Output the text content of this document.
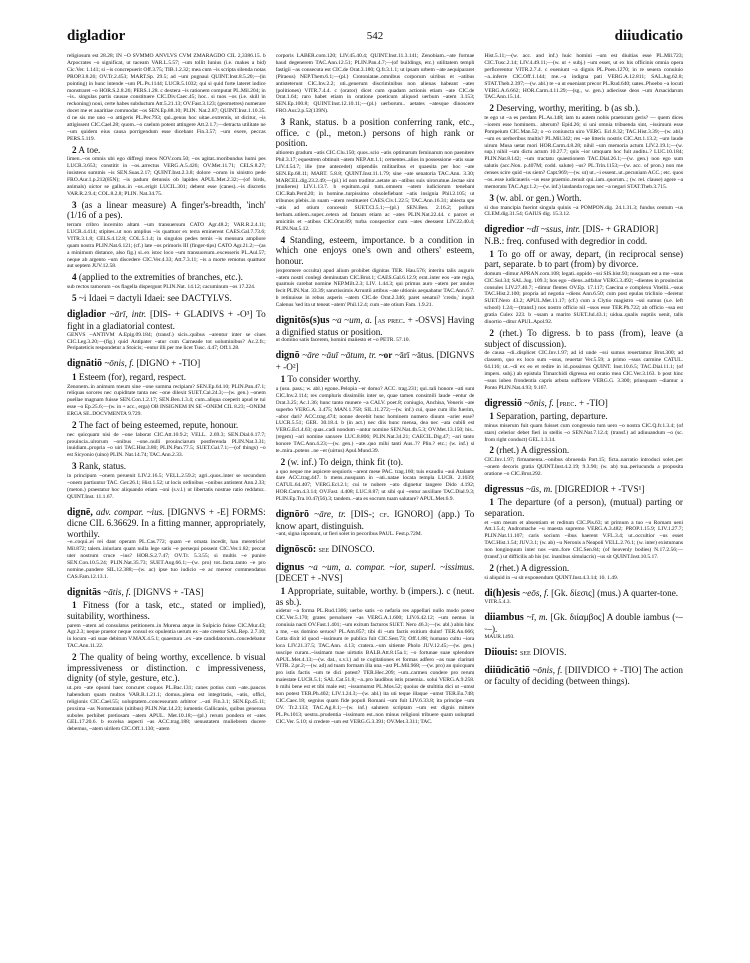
digladior	542	diiudicatio

religiosum est 28.28; IN ~O SVMMO ANVLVS CVM ZMARAGDO CIL 2,3386.15. b Arpocrates ~o significat, ut taceam VAR.L.5.57; ~um tollit Iunius (i.e. makes a bid) Cic.Ver. 1.141; si ~is concrepuerit Off.3.75; TIB.1.2.32; mea cum ~is scripta silenda notas PROP.3.8.26; OV.Tr.2.453; MART.Sp. 29.5; ad ~um pugnaui QUINT.Inst.8.5.20;—(in pointing) in hunc intende ~um PL.Ps.1144; LUCR.5.1032; qui si quid forte lateret indice monstraret ~o HOR.S.2.8.26; PERS.1.28. c dextera ~is rationem computat PL.Mil.204; in ~is.. singulas partis causae constituere CIC.Div.Caec.45; hoc.. si tuos ~os (i.e. skill in reckoning) noui, certe habes subductum Att.5.21.13; OV.Fast.3.123; (geometres) numerare docet me et auaritiae commodat ~os SEN.Ep.88.10; PLIN. Nat.2.87; QUINT.Inst.1.10.35. d ne sis me uno ~o attigeris PL.Per.793; qui..genus hoc uitae..extremis, ut dicitur, ~is attigissent CIC.Cael.28; quom..~o caelum potent attingere Att.2.1.7;—detracta utilitate ne ~um quidem eius causa porrigendum esse dicebant Fin.3.57; ~um exere, peccas PERS.5.119.

2 A toe.

limen..~os omnis ubi ego diffregi meos NOV.com.50; ~os agitat..moribundus humi pes LUCR.3.653; constitit in ~os..arrectus VERG.A.5.426; OV.Met.11.71; CELS.8.27; insistens summis ~is SEN.Suas.2.17; QUINT.Inst.2.3.8; dolore ~orum in sinistro pede FRO.Aur.1.p.212(85N); ~is padum detunsis ob lapides APUL.Met.2.32;—(of birds, animals) uictor se gallus..in ~os..erigit LUCIL.301; debent esse (canes)..~is discretis VAR.R.2.9.4; COL.8.2.8; PLIN. Nat.34.75.

3 (as a linear measure) A finger's-breadth, 'inch' (1/16 of a pes).

terram cribro incernito altam ~um transuersum CATO Agr.48.2; VAR.R.2.4.11; LUCR.4.414; stipites..ut non amplius ~is quattuor ex terra eminerent CAES.Gal.7.73.6; VITR.3.1.8; CELS.4.12.8; COL.5.1.4; in singulos pedes ternis ~is mensura ampliore quam nostra PLIN.Nat.6.121; (cf.) late ~os primoris III (finger-tips) CATO Agr.21.2;—(as a minimum distance, also fig.) si..ex istoc loco ~um transuorsum..excesseris PL.Aul.57; neque ab argento ~um discedere CIC.Ver.4.33; Att.7.3.11; ~is a morte remotus quattuor aut septem JUV.12.58.

4 (applied to the extremities of branches, etc.).

sub rectos ramorum ~os flagella dispergunt PLIN.Nat. 14.12; cacuminum ~os 17.224.

5 ~i Idaei = dactyli Idaei: see DACTYLVS.
digladior ~ārī, intr. [DIS- + GLADIVS + -O³] To fight in a gladiatorial contest.

GENVS ~ANTIVM A.Epig.09.184; (transf.) sicis..quibus ~arentur inter se ciues CIC.Leg.3.20;—(fig.) quid Antipater ~atur cum Carneade tot uoluminibus? Ac.2.fr.; Peripateticis respondetur a Stoicis; ~entur illi per me licet Tusc. 4.47; Off.1.28.

dignātiō ~ōnis, f. [DIGNO + -TIO]
1 Esteem (for), regard, respect.

Zenonem..in animum meum sine ~one summa recipiam? SEN.Ep.64.10; PLIN.Pan.47.1; reliquas sorores nec cupiditate tanta nec ~one dilexit SUET.Cal.24.3;—(w. gen.) ~onem puellae magnam fuisse SEN.Con.1.2.17; SEN.Ben.1.3.4; cum..aliqua coeperit apud te tui esse ~o Ep.25.6;—(w. in + acc., erga) OB INSIGNEM IN SE ~ONEM CIL 8.23; ~ONEM ERGA SE..DOCVMENTA 9.729.

2 The fact of being esteemed, repute, honour.

nec quicquam nisi de ~one laborat CIC.Att.10.9.2; VELL. 2.69.3; SEN.Dial.6.17.7; prouincia..ulrorum ~onibus ~one..nulli prouinciarum postferenda PLIN.Nat.3.31; inuidiam..propria ~o uiri TAC.Hist.3.80; PLIN.Pan.77.5; SUET.Gal.7.1;—(of things) ~o est Sicyonio (uino) PLIN. Nat.14.74; TAC.Ann.2.33.

3 Rank, status.

in principum ~onem peruenit LIV.2.16.5; VELL.2.59.2; agri..quos..inter se secundum ~onem partiuntur TAC. Ger.26.1; Hist.1.52; ut locis ordinibus ~onibus antistent Ann.2.33; (meton.) praestatur hoc aliquando etiam ~oni (s.v.l.) ut libertatis nostrae ratio reddatur.. QUINT.Inst. 11.1.67.

dignē, adv. compar. ~ius. [DIGNVS + -E] FORMS: dicne CIL 6.36629. In a fitting manner, appropriately, worthily.

~e..coqui..ei rei dant operam PL.Cas.772; quam ~e ornata incedit, hau meretricie! Mil.872; talem..iniuriam quam nulla lege satis ~e persequi possent CIC.Ver.1.82; peccat uter nostrum cruce ~ius? HOR.S.2.7.47; OV.Tr. 5.3.55; si multis ~e punire SEN.Con.10.5.24; PLIN.Nat.35.73; SUET.Aug.66.1;—(w. pro) tot..facta..tanto ~e pro nomine..pandere SIL.12.388;—(w. ac) ipse tuo iudicio ~e ac mereor commendatus CAS.Fam.12.13.1.

dignitās ~ātis, f. [DIGNVS + -TAS]
1 Fitness (for a task, etc., stated or implied), suitability, worthiness.

parem ~atem ad consulatus petitionem..in Murena atque in Sulpicio fuisse CIC.Mur.43; Agr.2.3; neque praetor neque consul ex opulentia uerum ex ~ate creetur SAL.Rep. 2.7.10; in locum ~ati suae debitum V.MAX.4.5.1; quaestura ..ex ~ate candidatorum..concedebatur TAC.Ann.11.22.

2 The quality of being worthy, excellence. b visual impressiveness or distinction. c impressiveness, dignity (of style, gesture, etc.).

ut..pro ~ate opsoni haec concuret coquos PL.Bac.131; canes potius cum ~ate..paucos habendum quam multos VAR.R.1.21.1; domus..plena est integritatis, ~atis, offici, religionis CIC.Cael.55; uoluptatem..concessuram arbitror ..~ati Fin.3.1; SEN.Ep.45.11; proxima ~as Nomentanis (uitibus) PLIN.Nat.14.23; iumentis Gallicanis, quibus generosa suboles perhibet pretiosam ~atem APUL. Met.10.18;—(pl.) rerum pondera et ~ates GEL.17.20.6. b excelsa aspecti ~as ACC.trag.188; uenustatem muliebrem ducere debemus, ~atem uirilem CIC.Off.1.130; ~atem

corporis LABER.com.120; LIV.45.40.4; QUINT.Inst.11.3.141; Zenobiam..~ate formae haud degenerem TAC.Ann.12.51; PLIN.Pan.4.7;—(of buildings, etc.) utilitatem templi fastigii ~as consecuta est CIC.de Orat.3.180; Q.fr.3.1.1; ut ipsam urbem ~ate aequipararet (Piraeus) NEP.Them.6.1;—(pl.) Crotoniatae..omnibus corporum uiribus et ~atibus antisteterunt CIC.Inv.2.2; uti..generum discriminibus non alienas habeant ~ates (politiones) VITR.7.4.4. c (orator) dicet cum quadam actionis etiam ~ate CIC.de Orat.1.64; raro habet etiam in oratione poeticum aliquod uerbum ~atem 3.153; SEN.Ep.100.8; QUINT.Inst.12.10.11;—(pl.) uerborum.. aetates ~atesque dinoscere FRO.Aur.2.p.52(139N).

3 Rank, status. b a position conferring rank, etc., office. c (pl., meton.) persons of high rank or position.

altiorem gradum ~atis CIC.Clu.150; quos..scio ~atis optimarum feminarum non paenitere Phil.3.17; equestrem obtinuit ~atem NEP.Att.1.1; cernentes..alios in possessione ~atis suae LIV.4.54.7; ille (me antecedet) stipendiis militaribus et quaesita per hoc ~ate SEN.Ep.68.11; MART. 5.8.8; QUINT.Inst.11.1.79; sine ~ate senatoria TAC.Ann. 3.30; MARCEL.dig.23.2.49;—(pl.) id non traditur..aetate an ~atibus suis uirorumue..lectae sint (mulieres) LIV.1.13.7. b equitum..qui tum..omnem ~atem iudiciorum tenebant CIC.Rab.Perd.20; in homine..turpissimo obsolefiebant ~atis insignia Phil.2.105; ut tribunos plebis..in suam ~atem restitueret CAES.Civ.1.22.5; TAC.Ann.16.31; abiecta spe ~atis ad otium concessit SUET.Cl.5.1;—(pl.) SEN.Ben. 2.16.2; pollum herbam..utilem..super..cetera ad famam etiam ac ~ates PLIN.Nat.22.44. c parcet et amicitiis et ~atibus CIC.Orat.89; turba conspectior cum ~ates deessent LIV.22.40.4; PLIN.Nat.5.12.

4 Standing, esteem, importance. b a condition in which one enjoys one's own and others' esteem, honour.

(expromere occulta) apud alium prohibet dignitas TER. Hau.576; interitu talis auguris ~atem nostri conlegi deminutam CIC.Brut.1; CAES.Gal.6.12.9; erat..inter eos ~ate regia, quamuis carebat nomine NEP.Milt.2.3; LIV. 1.44.3; qui primus auro ~atem per anulos fecit PLIN.Nat. 33.39; sanctissimis Arruntii artibus ~ate ultionis aequabatur TAC.Ann.6.7. b retinuisse in rebus asperis ~atem CIC.de Orat.2.346; paret senatui? 'credo,' inquit Calenus 'sed ita ut teneat ~atem' Phil.12.4; cum ~ate otium Fam. 1.9.21.

dignitōs(s)us ~a ~um, a. [as prec. + -OSVS] Having a dignified status or position.

ut domino satis facerem, homini maiiesto et ~o PETR. 57.10.

dignō ~āre ~āuī ~ātum, tr. ~or ~ārī ~ātus. [DIGNVS + -O²]
1 To consider worthy.

a (usu. pass.; w. abl.) egone..Pelopia ~er domo? ACC. trag.231; qui..tali honore ~ati sunt CIC.Inv.2.114; res compluris dissimilis inter se, quae tamen consimili laude ~entur de Orat.3.25; Ac.1.36; hunc tanto munere ~a CALV. poet.8; coniugio, Anchisa, Veneris ~ate superbo VERG.A. 3.475; MAN.1.758; SIL.11.272;—(w. inf.) cui, quae cum illo fuerim, ~abor dari? ACC.trag.474; nonne decebit hunc hominem numero diuum ~arier esse? LUCR.5.51; GER. 30.18.4. b (in act.) nec diis hunc mensa, dea nec ~ata cubili est VERG.Ecl.4.63; quas..cadi nondum ~antur nomine SEN.Nat.4b.5.3; OV.Met.13.150; bis..(regem) ~ari nomine sanxere LUC.8.806; PLIN.Nat.34.21; CAECIL.Dig.47; ~ari tanto honore TAC.Ann.4.23;—(w. gen.) ~ate..quo mihi tanti Aus..?? Plin.? etc.; (w. inf.) si te..mira..potens ..ne ~et (uirtus) Apul.Mund.39.

2 (w. inf.) To deign, think fit (to).

a quo neque me aspicere sequioris ~arent mese PAC. trag.160; tuis exaudiu ~aui Atalante dare ACC.trag.447. b mens..nusquam in ~ati..natae locata templa LUCR. 2.1039; CATUL.64.407; VERG.Ecl.2.1; cui te nubere ~ato dignetur tangere Dido 4.192; HOR.Carm.4.3.14; OV.Fast. 4.408; LUC.8.87; ut sibi qui ~entur auxiliare TAC.Dial.9.3; PLIN.Ep.Tra.10.47(56).3; tandem..~ata es socrum tuam salutare? APUL.Met.6.9.

dignōrō ~āre, tr. [DIS-; cf. IGNORO] (app.) To know apart, distinguish.

~ant, signa inponunt, ut fieri solet in pecoribus PAUL. Fest.p.72M.

dignōscō: see DINOSCO.
dignus ~a ~um, a. compar. ~ior, superl. ~issimus. [DECET + -NVS]
1 Appropriate, suitable, worthy. b (impers.). c (neut. as sb.).

uidetur ~a forma PL.Rud.1306; uerbo satis ~o nefaria res appellari nullo modo potest CIC.Ver.5.170; grates persoluere ~as VERG.A.1.600; LIV.6.42.12; ~um nemus in conuiuia nacti OV.Fast.1.401; ~um exitum facturos SUET. Nero 46.3;—(w. abl.) abin hinc a me, ~us domino seruos? PL.Am.857; tibi di ~um factis exitium duint! TER.An.666; Cotta dixit id quod ~issimum re publica fuit CIC.Sest.73; Off.1.88; humano cultu ~iora loca LIV.21.37.5; TAC.Ann. 4.13; cratera..~um sitiente Pholo JUV.12.45;—(w. gen.) suscipe curam..~issimam tuae uirtutis BALB.Att.8.15a.1; ~o fortunae suae splendore APUL.Met.4.13;—(w. dat., s.v.l.) ad te cogitationes et formas adfero ~as tuae claritati VITR. 2.pr.2;—(w. ad) ad tuam formam illa una ~ast PL.Mil.968; —(w. pro) an quicquam pro istis factis ~um te dici potest? TER.Hec.209; ~um..carmen condere pro rerum maiestate LUCR.5.1; SAL.Cat.51.8; ~a..pro laudibus istis praemia.. solui VERG.A.9.258. b mihi bene est et tibi male est; ~issumumst PL.Mos.52; quoius de stultitia dici ut ~umst non potest TER.Ph.402; LIV.1.24.3;—(w. abl.) ita uti teque illaque ~umst TER.Eu.748; CIC.Caec.18; segnius quam fide populi Romani ~um fuit LIV.6.33.8; ita principe ~um OV. Tr.2.133; TAC.Ag.8.1;—(w. inf.) salutem scriptam ~um est dignis mittere PL.Ps.1013; uestra..prudentia ~issimum est..non minus religioni tribuere quam uoluptati CIC.Ver. 5.10; si credere ~um est VERG.G.3.391; OV.Met.3.311; TAC.

Hist.5.11;—(w. acc. and inf.) huic homini ~um est diuitias esse PL.Mil.723; CIC.Tusc.2.14; LIV.4.49.11;—(w. ut + subj.) ~um esset, ut ex his officinis omnia opera perficerentur VITR.2.7.4. c eueniunt ~a dignis PL.Poen.1270; in re seuera conuiuio ~a..inferre CIC.Off.1.144; me..~a indigna pati VERG.A.12.811; SAL.Jug.62.8; STAT.Theb.2.397;—(w. abl.) te ~a ut eueniant precor PL.Rud.640; uates..Phoebo ~a locuti VERG.A.6.662; HOR.Carm.4.11.29;—(sg., w. gen.) adiecisse deos ~um Arsacidarum TAC.Ann.15.14.

2 Deserving, worthy, meriting. b (as sb.).

te ego ut ~a es perdam PL.As.148; iam tu autem nobis praeturam geris? — quem dices ~iorem esse hominem.. alterum? Epid.26; si uni omnia tribuenda sint, ~issimum esse Pompeium CIC.Man.52; o ~o coniuncta uiro VERG. Ecl.8.32; TAC.Hist.3.39;—(w. abl.) ~um es uerberibus multis? PL.Mil.342; res ~ae litteris nostris CIC.Att.1.13.2; ~um laude uirum Musa uetat mori HOR.Carm.4.8.28; nihil ~um memoria actum LIV.2.19.1;—(w. sup.) nihil ~um dictu actum 10.27.7; quis ~ior umquam hoc fuit auditu..? LUC.10.184; PLIN.Nat.8.142; ~um tractatu quaestionem TAC.Dial.26.1;—(w. gen.) non ego sum salutis (acc.Non. p.407M; codd. salute) ~us? PL.Trin.1153;—(w. acc. of pron.) non me censes scire quid ~us siem? Capt.969;—(w. ut) ut..~i essent..ut..pecuniam ACC.; etc. quos ~os..esse iudicaueris ~us esse praemio..tenuit qui..iam..quorum..; (w. rel. clause) agere ~a memoratu TAC.Agr.1.2;—(w. inf.) laudanda rogas nec ~a negari STAT.Theb.3.715.

3 (w. abl. or gen.) Worth.

si duo mancipia fuerint singula quinis ~a POMPON.dig. 24.1.31.3; fundus centum ~us CLEM.dig.31.54; GAIUS dig. 15.3.12.

digredior ~dī ~ssus, intr. [DIS- + GRADIOR]
N.B.: freq. confused with degredior in codd.
1 To go off or away, depart, (in reciprocal sense) part, separate. b to part (from) by divorce.

domum ~dimur APRAN.com.108; legati..oppido ~ssi SIS.hist.93; nusquam est a me ~ssus CIC.Sul.34; SAL.Jug. 109.3; hos ego ~diens..adfabar VERG.3.492; ~dientes in prouincias consules LIV.27.40.7; ~dimur flentes OV.Ep. 17.117; Caecina e complexu Vitellii..~ssus TAC.Hist.2.100; propria ad negotia ~diens Ann.6.50; cum post epulas triclinio ~deretur SUET.Nero 43.2; APUL.Met.11.17; (cf.) cum a Clytio magistro ~ssi sumus (s.e. left school) 1.24;—(transf.) nos nostro officio nil ~ssos esse TER.Ph.722; ab officio ~ssa est gratia Culex 223. b ~ssam a marito SUET.Jul.43.1; uidua..qualis nuptiis uenit, talis diuortio ~ditur APUL.Apol.92.

2 (rhet.) To digress. b to pass (from), leave (a subject of discussion).

de causa ~di..displicet CIC.Inv.1.97; ad id unde ~ssi sumus reuertamur Brut.300; ad classem, quo ex loco sum ~ssus, reuertar Ver.5.59; a primo ~ssus carmine CATUL. 64.116; ut..~di ex eo et redire in id..possimus QUINT. Inst.10.6.5; TAC.Dial.11.1; (of impers. subj.) ab epistula Timarchidi digressa est oratio mea CIC.Ver.3.163. b post hinc ~ssus iubeo frondentia capris arbuta sufficere VERG.G. 3.300; priusquam ~diamur a Ponto PLIN.Nat.4.93; 9.167.

digressiō ~ōnis, f. [prec. + -TIO]
1 Separation, parting, departure.

minus miserum fuit quam fuisset cum congressio tum uero ~o nostra CIC.Q.fr.1.3.4; (of stars) celerior debet fieri in stellis ~o SEN.Nat.7.12.4; (transf.) ad adiuuandum ~o (sc. from right conduct) GEL.1.3.14.

2 (rhet.) A digression.

CIC.Inv.1.97; firmamenta..~onibus obruenda Part.15; ficta..narratio introduci solet..per ~onem decoris gratia QUINT.Inst.4.2.19; 9.3.90; (w. ab) tua..periucunda a proposita oratione ~o CIC.Brut.292.

digressus ~ūs, m. [DIGREDIOR + -TVS¹]
1 The departure (of a person), (mutual) parting or separation.

et ~um meum et absentiam et reditum CIC.Pis.63; ut primum a tuo ~u Romam ueni Att.1.5.4; Andromache ~u maesta supremo VERG.A.3.482; PROP.1.15.9; LIV.1.27.7; PLIN.Nat.11.107; caris socium ~ibus haerent V.FL.3.4; ut..occultior ~us esset TAC.Hist.1.54; JUV.3.1; (w. ab) ~u Neronis a Neapoli VELL.2.76.1; (w. inter) existumans non longinquum inter nos ~um..fore CIC.Sen.84; (of heavenly bodies) N.17.2.56;—(transf.) ut difficilis ab his (sc. inanibus simulacris) ~us sit QUINT.Inst.10.5.17.

2 (rhet.) A digression.

si aliquid in ~u sit exponendum QUINT.Inst.4.3.14; 10. 1.49.

di(h)esis ~eōs, f. [Gk. δίεσις] (mus.) A quarter-tone.

VITR.5.4.3.

diiambus ~ī, m. [Gk. διίαμβος] A double iambus (⏑–⏑–).

MAUR.1493.

Diiouis: see DIOVIS.
diiūdicātiō ~ōnis, f. [DIIVDICO + -TIO] The action or faculty of deciding (between things).
